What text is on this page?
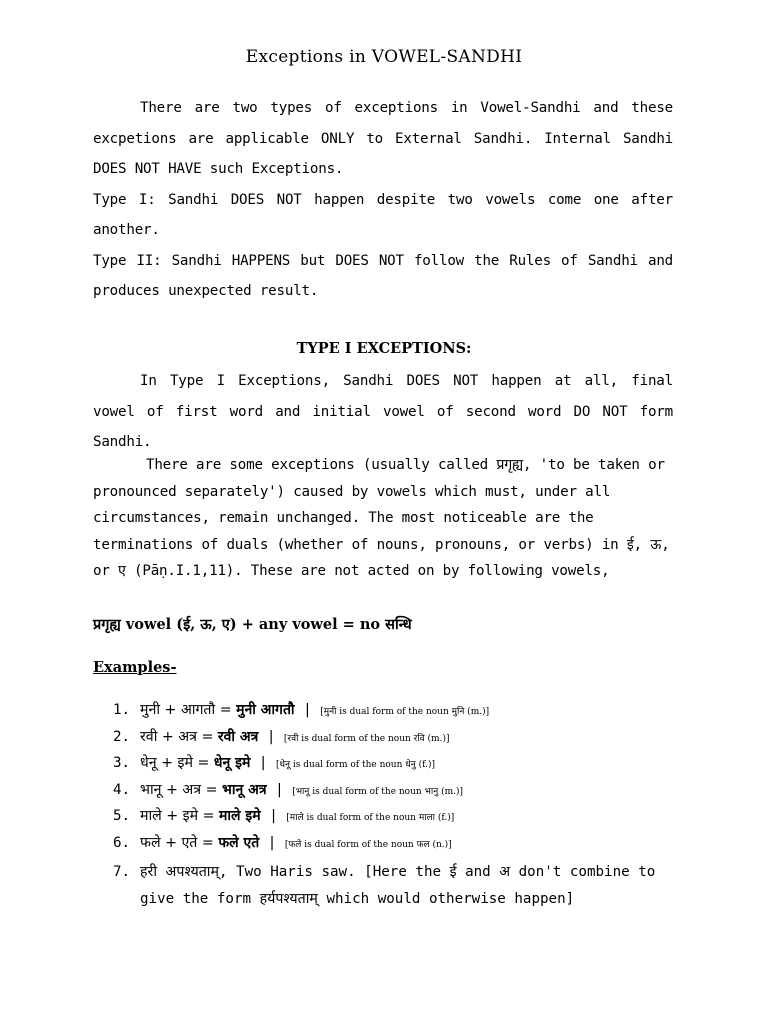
Exceptions in VOWEL-SANDHI

There are two types of exceptions in Vowel-Sandhi and these excpetions are applicable ONLY to External Sandhi. Internal Sandhi DOES NOT HAVE such Exceptions.

Type I: Sandhi DOES NOT happen despite two vowels come one after another.

Type II: Sandhi HAPPENS but DOES NOT follow the Rules of Sandhi and produces unexpected result.

TYPE I EXCEPTIONS:

In Type I Exceptions, Sandhi DOES NOT happen at all, final vowel of first word and initial vowel of second word DO NOT form Sandhi.

There are some exceptions (usually called प्रगृह्य, 'to be taken or pronounced separately') caused by vowels which must, under all circumstances, remain unchanged. The most noticeable are the terminations of duals (whether of nouns, pronouns, or verbs) in ई, ऊ, or ए (Pāṇ.I.1,11). These are not acted on by following vowels,

प्रगृह्य vowel (ई, ऊ, ए) + any vowel = no सन्धि
Examples-
1. मुनी + आगतौ = मुनी आगतौ | [मुनी is dual form of the noun मुनि (m.)]
2. रवी + अत्र = रवी अत्र | [रवी is dual form of the noun रवि (m.)]
3. धेनू + इमे = धेनू इमे | [धेनू is dual form of the noun धेनु (f.)]
4. भानू + अत्र = भानू अत्र | [भानू is dual form of the noun भानु (m.)]
5. माले + इमे = माले इमे | [माले is dual form of the noun माला (f.)]
6. फले + एते = फले एते | [फले is dual form of the noun फल (n.)]
7. हरी अपश्यताम्, Two Haris saw. [Here the ई and अ don't combine to give the form हर्यपश्यताम् which would otherwise happen]
